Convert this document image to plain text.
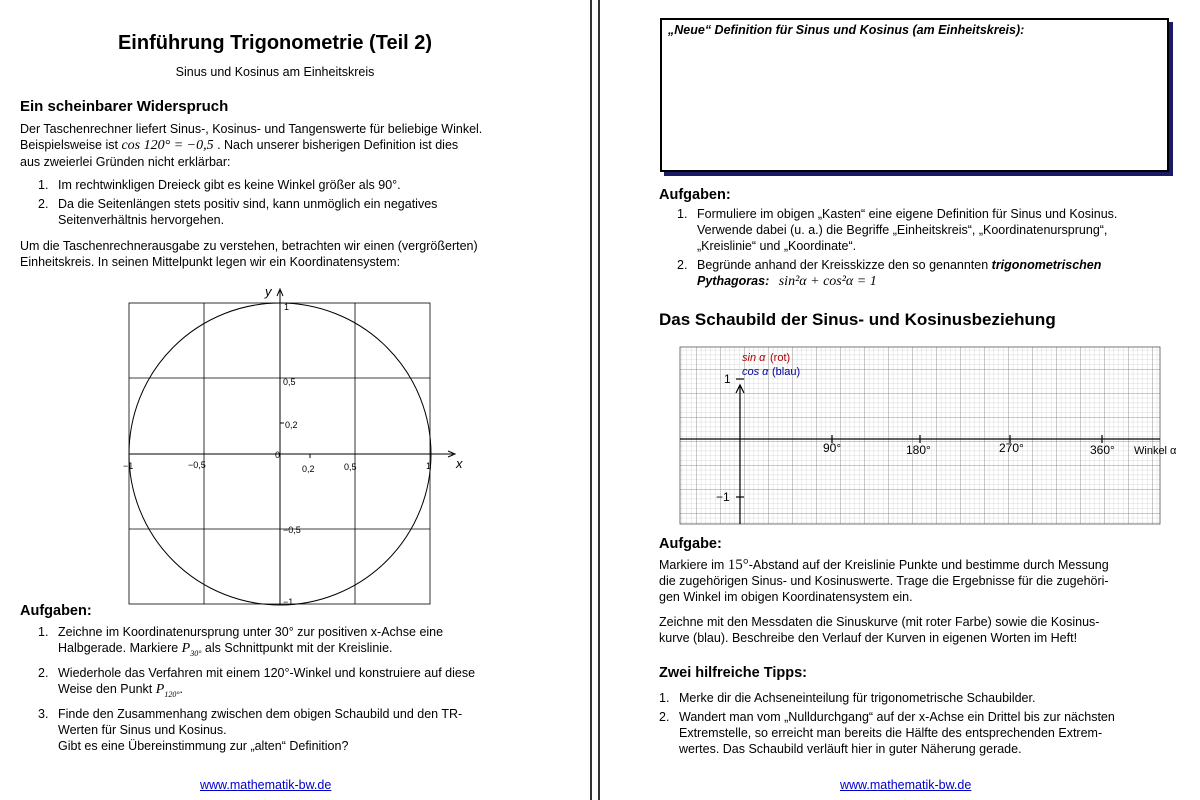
Einführung Trigonometrie (Teil 2)
Sinus und Kosinus am Einheitskreis
Ein scheinbarer Widerspruch
Der Taschenrechner liefert Sinus-, Kosinus- und Tangenswerte für beliebige Winkel.
Beispielsweise ist cos 120° = −0,5 . Nach unserer bisherigen Definition ist dies
aus zweierlei Gründen nicht erklärbar:
1. Im rechtwinkligen Dreieck gibt es keine Winkel größer als 90°.
2. Da die Seitenlängen stets positiv sind, kann unmöglich ein negatives Seitenverhältnis hervorgehen.
Um die Taschenrechnerausgabe zu verstehen, betrachten wir einen (vergrößerten)
Einheitskreis. In seinen Mittelpunkt legen wir ein Koordinatensystem:
y
x
1
0,5
0,2
0
−0,5
−1
−1	−0,5	0,2	0,5	1
Aufgaben:
1. Zeichne im Koordinatenursprung unter 30° zur positiven x-Achse eine
Halbgerade. Markiere $P_{30^\circ}$ als Schnittpunkt mit der Kreislinie.
2. Wiederhole das Verfahren mit einem 120°-Winkel und konstruiere auf diese
Weise den Punkt $P_{120^\circ}$.
3. Finde den Zusammenhang zwischen dem obigen Schaubild und den TR-
Werten für Sinus und Kosinus.
Gibt es eine Übereinstimmung zur „alten“ Definition?
www.mathematik-bw.de
„Neue“ Definition für Sinus und Kosinus (am Einheitskreis):
Aufgaben:
1. Formuliere im obigen „Kasten“ eine eigene Definition für Sinus und Kosinus.
Verwende dabei (u. a.) die Begriffe „Einheitskreis“, „Koordinatenursprung“,
„Kreislinie“ und „Koordinate“.
2. Begründe anhand der Kreisskizze den so genannten trigonometrischen
Pythagoras: sin²α + cos²α = 1
Das Schaubild der Sinus- und Kosinusbeziehung
sin α (rot)
cos α (blau)
1
−1
90°	180°	270°	360° Winkel α
Aufgabe:
Markiere im 15°-Abstand auf der Kreislinie Punkte und bestimme durch Messung
die zugehörigen Sinus- und Kosinuswerte. Trage die Ergebnisse für die zugehöri-
gen Winkel im obigen Koordinatensystem ein.
Zeichne mit den Messdaten die Sinuskurve (mit roter Farbe) sowie die Kosinus-
kurve (blau). Beschreibe den Verlauf der Kurven in eigenen Worten im Heft!
Zwei hilfreiche Tipps:
1. Merke dir die Achseneinteilung für trigonometrische Schaubilder.
2. Wandert man vom „Nulldurchgang“ auf der x-Achse ein Drittel bis zur nächsten
Extremstelle, so erreicht man bereits die Hälfte des entsprechenden Extrem-
wertes. Das Schaubild verläuft hier in guter Näherung gerade.
www.mathematik-bw.de
